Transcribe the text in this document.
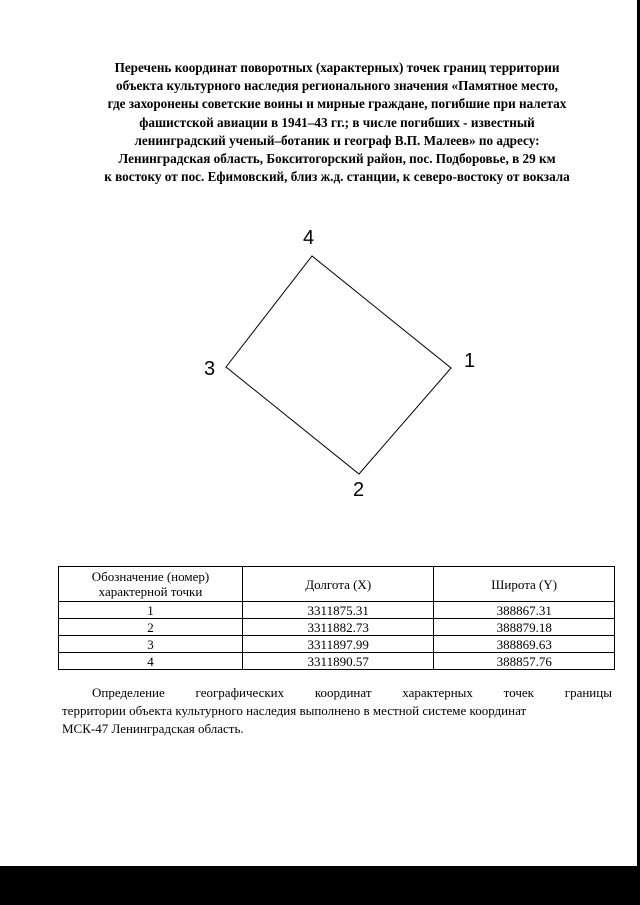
Перечень координат поворотных (характерных) точек границ территории
объекта культурного наследия регионального значения «Памятное место,
где захоронены советские воины и мирные граждане, погибшие при налетах
фашистской авиации в 1941–43 гг.; в числе погибших - известный
ленинградский ученый–ботаник и географ В.П. Малеев» по адресу:
Ленинградская область, Бокситогорский район, пос. Подборовье, в 29 км
к востоку от пос. Ефимовский, близ ж.д. станции, к северо-востоку от вокзала
1
2
3
4
Обозначение (номер)
характерной точки	Долгота (X)	Широта (Y)
1	3311875.31	388867.31
2	3311882.73	388879.18
3	3311897.99	388869.63
4	3311890.57	388857.76
Определение географических координат характерных точек границы
территории объекта культурного наследия выполнено в местной системе координат
МСК-47 Ленинградская область.
